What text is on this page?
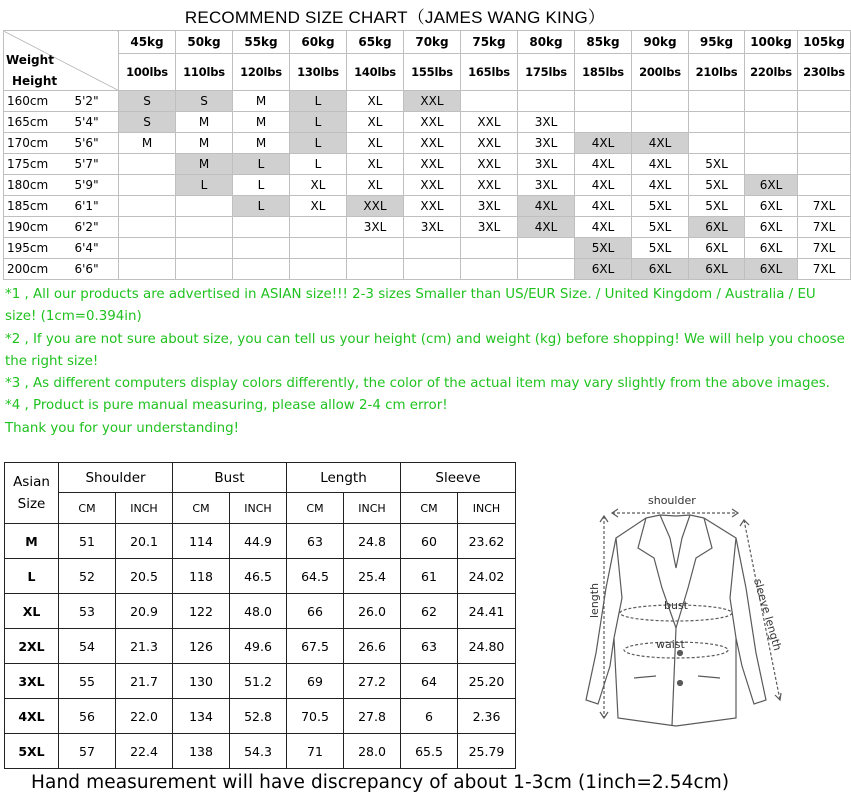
RECOMMEND SIZE CHART（JAMES WANG KING）
Weight
Height		45kg	50kg	55kg	60kg	65kg	70kg	75kg	80kg	85kg	90kg	95kg	100kg	105kg
		100lbs	110lbs	120lbs	130lbs	140lbs	155lbs	165lbs	175lbs	185lbs	200lbs	210lbs	220lbs	230lbs
160cm	5'2"	S	S	M	L	XL	XXL							
165cm	5'4"	S	M	M	L	XL	XXL	XXL	3XL					
170cm	5'6"	M	M	M	L	XL	XXL	XXL	3XL	4XL	4XL			
175cm	5'7"		M	L	L	XL	XXL	XXL	3XL	4XL	4XL	5XL		
180cm	5'9"		L	L	XL	XL	XXL	XXL	3XL	4XL	4XL	5XL	6XL	
185cm	6'1"			L	XL	XXL	XXL	3XL	4XL	4XL	5XL	5XL	6XL	7XL
190cm	6'2"					3XL	3XL	3XL	4XL	4XL	5XL	6XL	6XL	7XL
195cm	6'4"									5XL	5XL	6XL	6XL	7XL
200cm	6'6"									6XL	6XL	6XL	6XL	7XL

*1 , All our products are advertised in ASIAN size!!! 2-3 sizes Smaller than US/EUR Size. / United Kingdom / Australia / EU size! (1cm=0.394in)

*2 , If you are not sure about size, you can tell us your height (cm) and weight (kg) before shopping! We will help you choose the right size!

*3 , As different computers display colors differently, the color of the actual item may vary slightly from the above images.

*4 , Product is pure manual measuring, please allow 2-4 cm error!

Thank you for your understanding!

Asian
Size	Shoulder		Bust		Length		Sleeve	
	CM	INCH	CM	INCH	CM	INCH	CM	INCH
M	51	20.1	114	44.9	63	24.8	60	23.62
L	52	20.5	118	46.5	64.5	25.4	61	24.02
XL	53	20.9	122	48.0	66	26.0	62	24.41
2XL	54	21.3	126	49.6	67.5	26.6	63	24.80
3XL	55	21.7	130	51.2	69	27.2	64	25.20
4XL	56	22.0	134	52.8	70.5	27.8	6	2.36
5XL	57	22.4	138	54.3	71	28.0	65.5	25.79
shoulder
bust
waist
length	sleeve length
Hand measurement will have discrepancy of about 1-3cm (1inch=2.54cm)
